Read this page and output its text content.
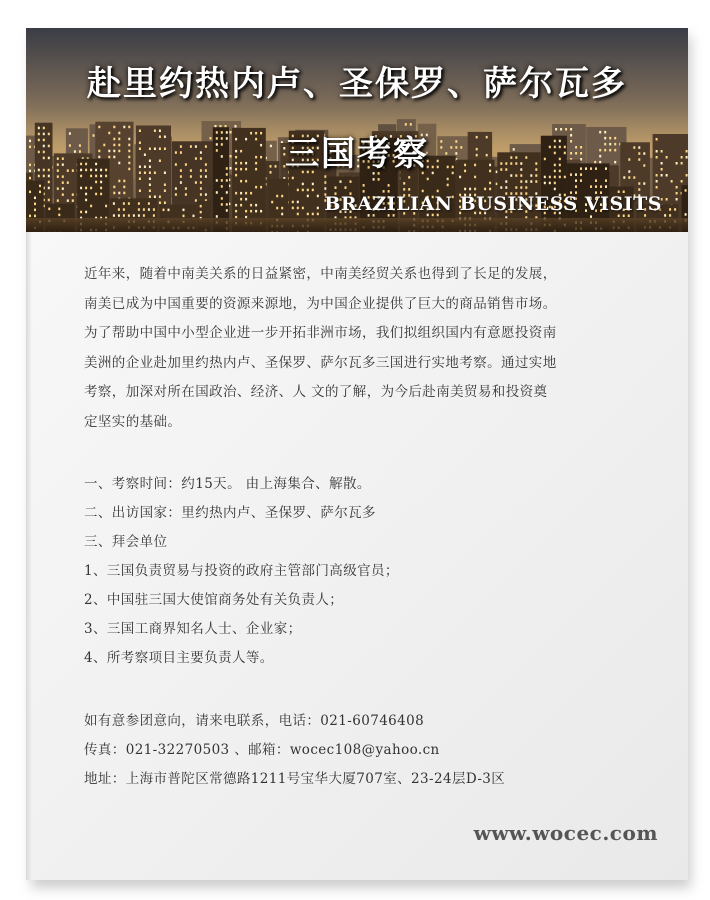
赴里约热内卢、圣保罗、萨尔瓦多
三国考察
BRAZILIAN BUSINESS VISITS
近年来，随着中南美关系的日益紧密，中南美经贸关系也得到了长足的发展，
南美已成为中国重要的资源来源地，为中国企业提供了巨大的商品销售市场。
为了帮助中国中小型企业进一步开拓非洲市场，我们拟组织国内有意愿投资南
美洲的企业赴加里约热内卢、圣保罗、萨尔瓦多三国进行实地考察。通过实地
考察，加深对所在国政治、经济、人 文的了解，为今后赴南美贸易和投资奠
定坚实的基础。
一、考察时间：约15天。 由上海集合、解散。
二、出访国家：里约热内卢、圣保罗、萨尔瓦多
三、拜会单位
1、三国负责贸易与投资的政府主管部门高级官员；
2、中国驻三国大使馆商务处有关负责人；
3、三国工商界知名人士、企业家；
4、所考察项目主要负责人等。
如有意参团意向，请来电联系，电话：021-60746408
传真：021-32270503 、邮箱：wocec108@yahoo.cn
地址：上海市普陀区常德路1211号宝华大厦707室、23-24层D-3区
www.wocec.com
